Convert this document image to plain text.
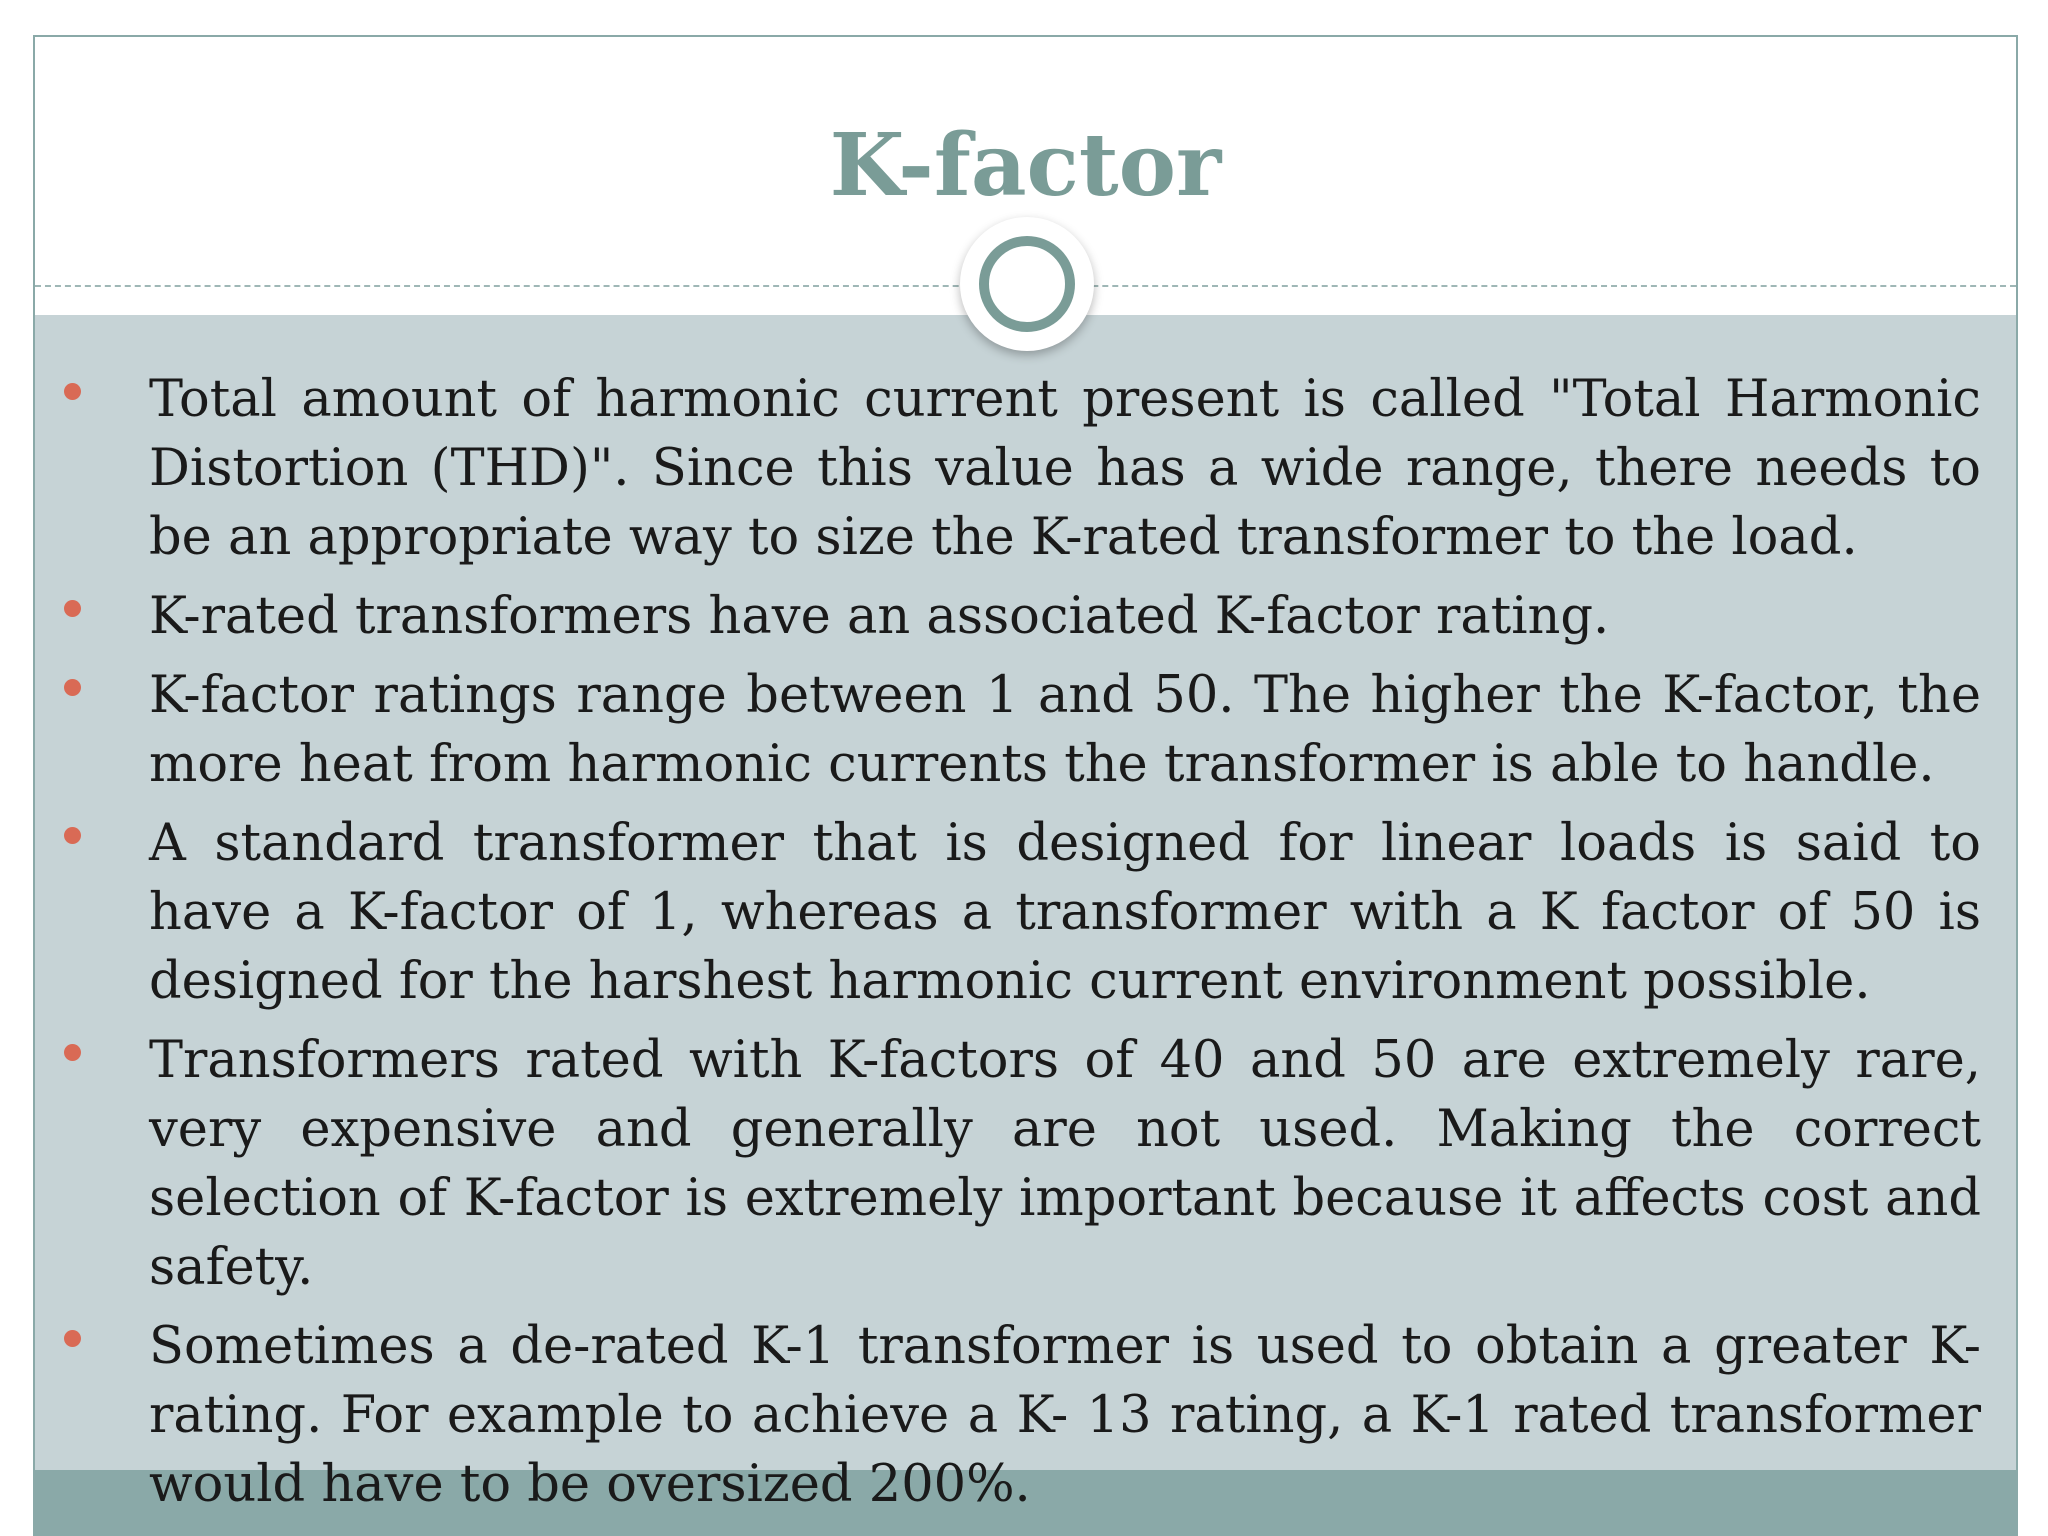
K-factor
Total amount of harmonic current present is called "Total Harmonic Distortion (THD)". Since this value has a wide range, there needs to be an appropriate way to size the K-rated transformer to the load.
K-rated transformers have an associated K-factor rating.
K-factor ratings range between 1 and 50. The higher the K-factor, the more heat from harmonic currents the transformer is able to handle.
A standard transformer that is designed for linear loads is said to have a K-factor of 1, whereas a transformer with a K factor of 50 is designed for the harshest harmonic current environment possible.
Transformers rated with K-factors of 40 and 50 are extremely rare, very expensive and generally are not used. Making the correct selection of K-factor is extremely important because it affects cost and safety.
Sometimes a de-rated K-1 transformer is used to obtain a greater K-rating. For example to achieve a K- 13 rating, a K-1 rated transformer would have to be oversized 200%.
